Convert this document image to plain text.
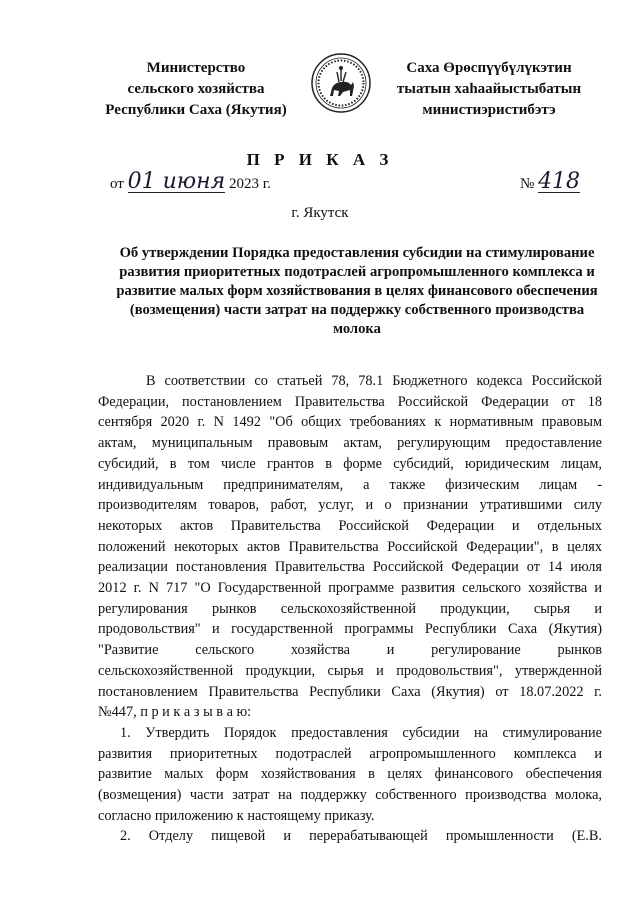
Министерство
сельского хозяйства
Республики Саха (Якутия)
Саха Өрөспүүбүлүкэтин
тыатын хаһаайыстыбатын
министиэристибэтэ
П Р И К А З
от 01 июня 2023 г.	№ 418
г. Якутск
Об утверждении Порядка предоставления субсидии на стимулирование
развития приоритетных подотраслей агропромышленного комплекса и
развитие малых форм хозяйствования в целях финансового обеспечения
(возмещения) части затрат на поддержку собственного производства
молока
В соответствии со статьей 78, 78.1 Бюджетного кодекса Российской
Федерации, постановлением Правительства Российской Федерации от 18
сентября 2020 г. N 1492 "Об общих требованиях к нормативным правовым
актам, муниципальным правовым актам, регулирующим предоставление
субсидий, в том числе грантов в форме субсидий, юридическим лицам,
индивидуальным предпринимателям, а также физическим лицам -
производителям товаров, работ, услуг, и о признании утратившими силу
некоторых актов Правительства Российской Федерации и отдельных
положений некоторых актов Правительства Российской Федерации", в целях
реализации постановления Правительства Российской Федерации от 14 июля
2012 г. N 717 "О Государственной программе развития сельского хозяйства и
регулирования рынков сельскохозяйственной продукции, сырья и
продовольствия" и государственной программы Республики Саха (Якутия)
"Развитие сельского хозяйства и регулирование рынков
сельскохозяйственной продукции, сырья и продовольствия", утвержденной
постановлением Правительства Республики Саха (Якутия) от 18.07.2022 г.
№447, п р и к а з ы в а ю:
1. Утвердить Порядок предоставления субсидии на стимулирование
развития приоритетных подотраслей агропромышленного комплекса и
развитие малых форм хозяйствования в целях финансового обеспечения
(возмещения) части затрат на поддержку собственного производства молока,
согласно приложению к настоящему приказу.
2. Отделу пищевой и перерабатывающей промышленности (Е.В.
